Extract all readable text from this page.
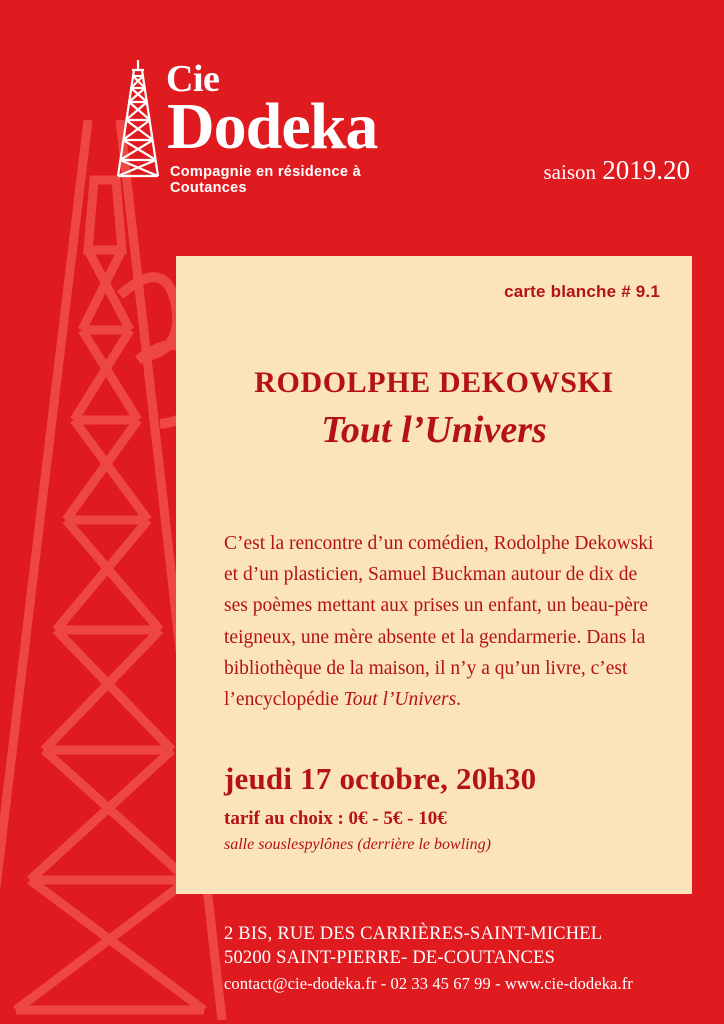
Cie
Dodeka
Compagnie en résidence à Coutances
saison 2019.20
carte blanche # 9.1
RODOLPHE DEKOWSKI
Tout l’Univers
C’est la rencontre d’un comédien, Rodolphe Dekowski et d’un plasticien, Samuel Buckman autour de dix de ses poèmes mettant aux prises un enfant, un beau-père teigneux, une mère absente et la gendarmerie. Dans la bibliothèque de la maison, il n’y a qu’un livre, c’est l’encyclopédie Tout l’Univers.
jeudi 17 octobre, 20h30
tarif au choix : 0€ - 5€ - 10€
salle souslespylônes (derrière le bowling)
2 BIS, RUE DES CARRIÈRES-SAINT-MICHEL
50200 SAINT-PIERRE- DE-COUTANCES
contact@cie-dodeka.fr - 02 33 45 67 99 - www.cie-dodeka.fr
